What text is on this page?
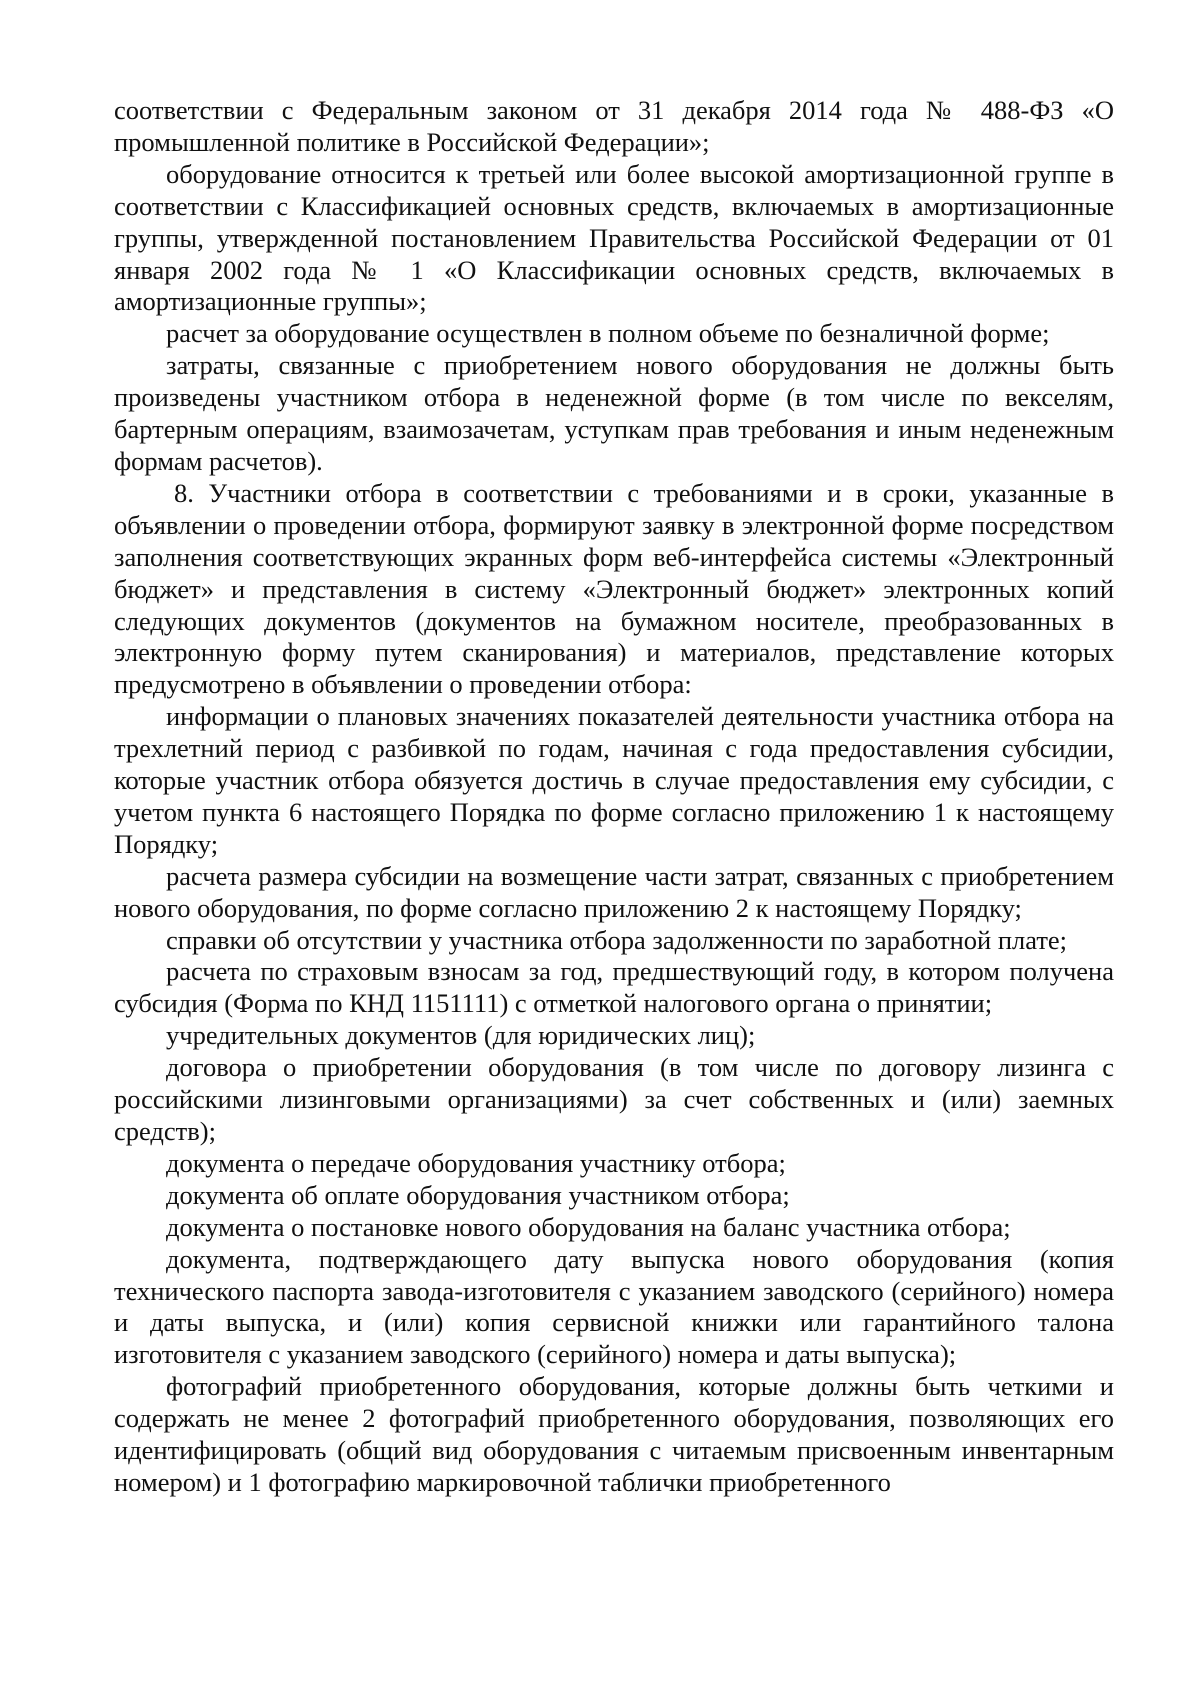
соответствии с Федеральным законом от 31 декабря 2014 года № 488-ФЗ «О промышленной политике в Российской Федерации»;

оборудование относится к третьей или более высокой амортизационной группе в соответствии с Классификацией основных средств, включаемых в амортизационные группы, утвержденной постановлением Правительства Российской Федерации от 01 января 2002 года № 1 «О Классификации основных средств, включаемых в амортизационные группы»;

расчет за оборудование осуществлен в полном объеме по безналичной форме;

затраты, связанные с приобретением нового оборудования не должны быть произведены участником отбора в неденежной форме (в том числе по векселям, бартерным операциям, взаимозачетам, уступкам прав требования и иным неденежным формам расчетов).

8. Участники отбора в соответствии с требованиями и в сроки, указанные в объявлении о проведении отбора, формируют заявку в электронной форме посредством заполнения соответствующих экранных форм веб-интерфейса системы «Электронный бюджет» и представления в систему «Электронный бюджет» электронных копий следующих документов (документов на бумажном носителе, преобразованных в электронную форму путем сканирования) и материалов, представление которых предусмотрено в объявлении о проведении отбора:

информации о плановых значениях показателей деятельности участника отбора на трехлетний период с разбивкой по годам, начиная с года предоставления субсидии, которые участник отбора обязуется достичь в случае предоставления ему субсидии, с учетом пункта 6 настоящего Порядка по форме согласно приложению 1 к настоящему Порядку;

расчета размера субсидии на возмещение части затрат, связанных с приобретением нового оборудования, по форме согласно приложению 2 к настоящему Порядку;

справки об отсутствии у участника отбора задолженности по заработной плате;

расчета по страховым взносам за год, предшествующий году, в котором получена субсидия (Форма по КНД 1151111) с отметкой налогового органа о принятии;

учредительных документов (для юридических лиц);

договора о приобретении оборудования (в том числе по договору лизинга с российскими лизинговыми организациями) за счет собственных и (или) заемных средств);

документа о передаче оборудования участнику отбора;

документа об оплате оборудования участником отбора;

документа о постановке нового оборудования на баланс участника отбора;

документа, подтверждающего дату выпуска нового оборудования (копия технического паспорта завода-изготовителя с указанием заводского (серийного) номера и даты выпуска, и (или) копия сервисной книжки или гарантийного талона изготовителя с указанием заводского (серийного) номера и даты выпуска);

фотографий приобретенного оборудования, которые должны быть четкими и содержать не менее 2 фотографий приобретенного оборудования, позволяющих его идентифицировать (общий вид оборудования с читаемым присвоенным инвентарным номером) и 1 фотографию маркировочной таблички приобретенного
